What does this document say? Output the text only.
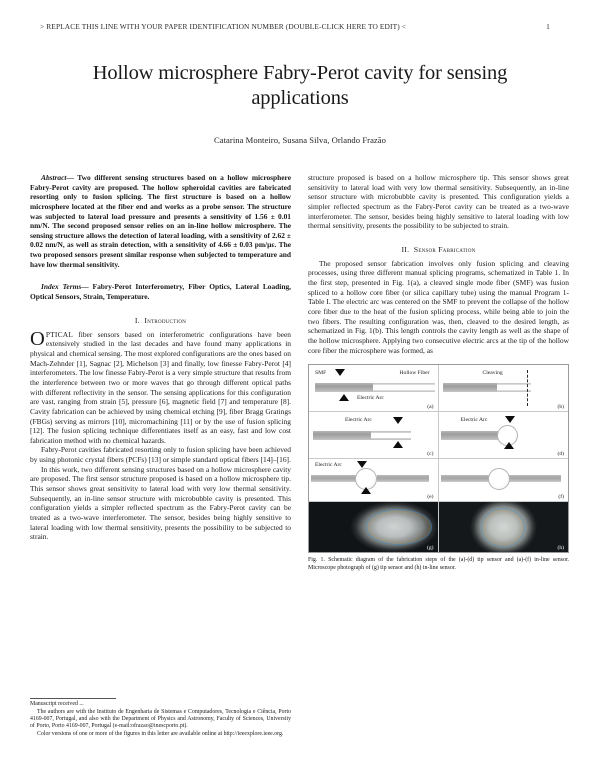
> REPLACE THIS LINE WITH YOUR PAPER IDENTIFICATION NUMBER (DOUBLE-CLICK HERE TO EDIT) <	1
Hollow microsphere Fabry-Perot cavity for sensing applications
Catarina Monteiro, Susana Silva, Orlando Frazão

Abstract— Two different sensing structures based on a hollow microsphere Fabry-Perot cavity are proposed. The hollow spheroidal cavities are fabricated resorting only to fusion splicing. The first structure is based on a hollow microsphere located at the fiber end and works as a probe sensor. The structure was subjected to lateral load pressure and presents a sensitivity of 1.56 ± 0.01 nm/N. The second proposed sensor relies on an in-line hollow microsphere. The sensing structure allows the detection of lateral loading, with a sensitivity of 2.62 ± 0.02 nm/N, as well as strain detection, with a sensitivity of 4.66 ± 0.03 pm/µε. The two proposed sensors present similar response when subjected to temperature and have low thermal sensitivity.

Index Terms— Fabry-Perot Interferometry, Fiber Optics, Lateral Loading, Optical Sensors, Strain, Temperature.

I. Introduction

OPTICAL fiber sensors based on interferometric configurations have been extensively studied in the last decades and have found many applications in physical and chemical sensing. The most explored configurations are the ones based on Mach-Zehnder [1], Sagnac [2], Michelson [3] and finally, low finesse Fabry-Perot [4] interferometers. The low finesse Fabry-Perot is a very simple structure that results from the interference between two or more waves that go through different optical paths with different reflectivity in the sensor. The sensing applications for this configuration are vast, ranging from strain [5], pressure [6], magnetic field [7] and temperature [8]. Cavity fabrication can be achieved by using chemical etching [9], fiber Bragg Gratings (FBGs) serving as mirrors [10], micromachining [11] or by the use of fusion splicing [12]. The fusion splicing technique differentiates itself as an easy, fast and low cost fabrication method with no chemical hazards.

Fabry-Perot cavities fabricated resorting only to fusion splicing have been achieved by using photonic crystal fibers (PCFs) [13] or simple standard optical fibers [14]–[16].

In this work, two different sensing structures based on a hollow microsphere cavity are proposed. The first sensor structure proposed is based on a hollow microsphere tip. This sensor shows great sensitivity to lateral load with very low thermal sensitivity. Subsequently, an in-line sensor structure with microbubble cavity is presented. This configuration yields a simpler reflected spectrum as the Fabry-Perot cavity can be treated as a two-wave interferometer. The sensor, besides being highly sensitive to lateral loading with low thermal sensitivity, presents the possibility to be subjected to strain.

Manuscript received ...

The authors are with the Instituto de Engenharia de Sistemas e Computadores, Tecnologia e Ciência, Porto 4169-007, Portugal, and also with the Department of Physics and Astronomy, Faculty of Sciences, University of Porto, Porto 4169-007, Portugal (e-mail:ofrazao@inescporto.pt).

Color versions of one or more of the figures in this letter are available online at http://ieeexplore.ieee.org.

structure proposed is based on a hollow microsphere tip. This sensor shows great sensitivity to lateral load with very low thermal sensitivity. Subsequently, an in-line sensor structure with microbubble cavity is presented. This configuration yields a simpler reflected spectrum as the Fabry-Perot cavity can be treated as a two-wave interferometer. The sensor, besides being highly sensitive to lateral loading with low thermal sensitivity, presents the possibility to be subjected to strain.

II. Sensor Fabrication

The proposed sensor fabrication involves only fusion splicing and cleaving processes, using three different manual splicing programs, schematized in Table 1. In the first step, presented in Fig. 1(a), a cleaved single mode fiber (SMF) was fusion spliced to a hollow core fiber (or silica capillary tube) using the manual Program 1- Table I. The electric arc was centered on the SMF to prevent the collapse of the hollow core fiber due to the heat of the fusion splicing process, while being able to join the two fibers. The resulting configuration was, then, cleaved to the desired length, as schematized in Fig. 1(b). This length controls the cavity length as well as the shape of the hollow microsphere. Applying two consecutive electric arcs at the tip of the hollow core fiber the microsphere was formed, as

SMF	Hollow Fiber
Electric Arc
(a)
Cleaving
(b)
Electric Arc
(c)
Electric Arc
(d)
Electric Arc
(e)	(f)
(g)	(h)
Fig. 1. Schematic diagram of the fabrication steps of the (a)-(d) tip sensor and (a)-(f) in-line sensor. Microscope photograph of (g) tip sensor and (h) in-line sensor.
